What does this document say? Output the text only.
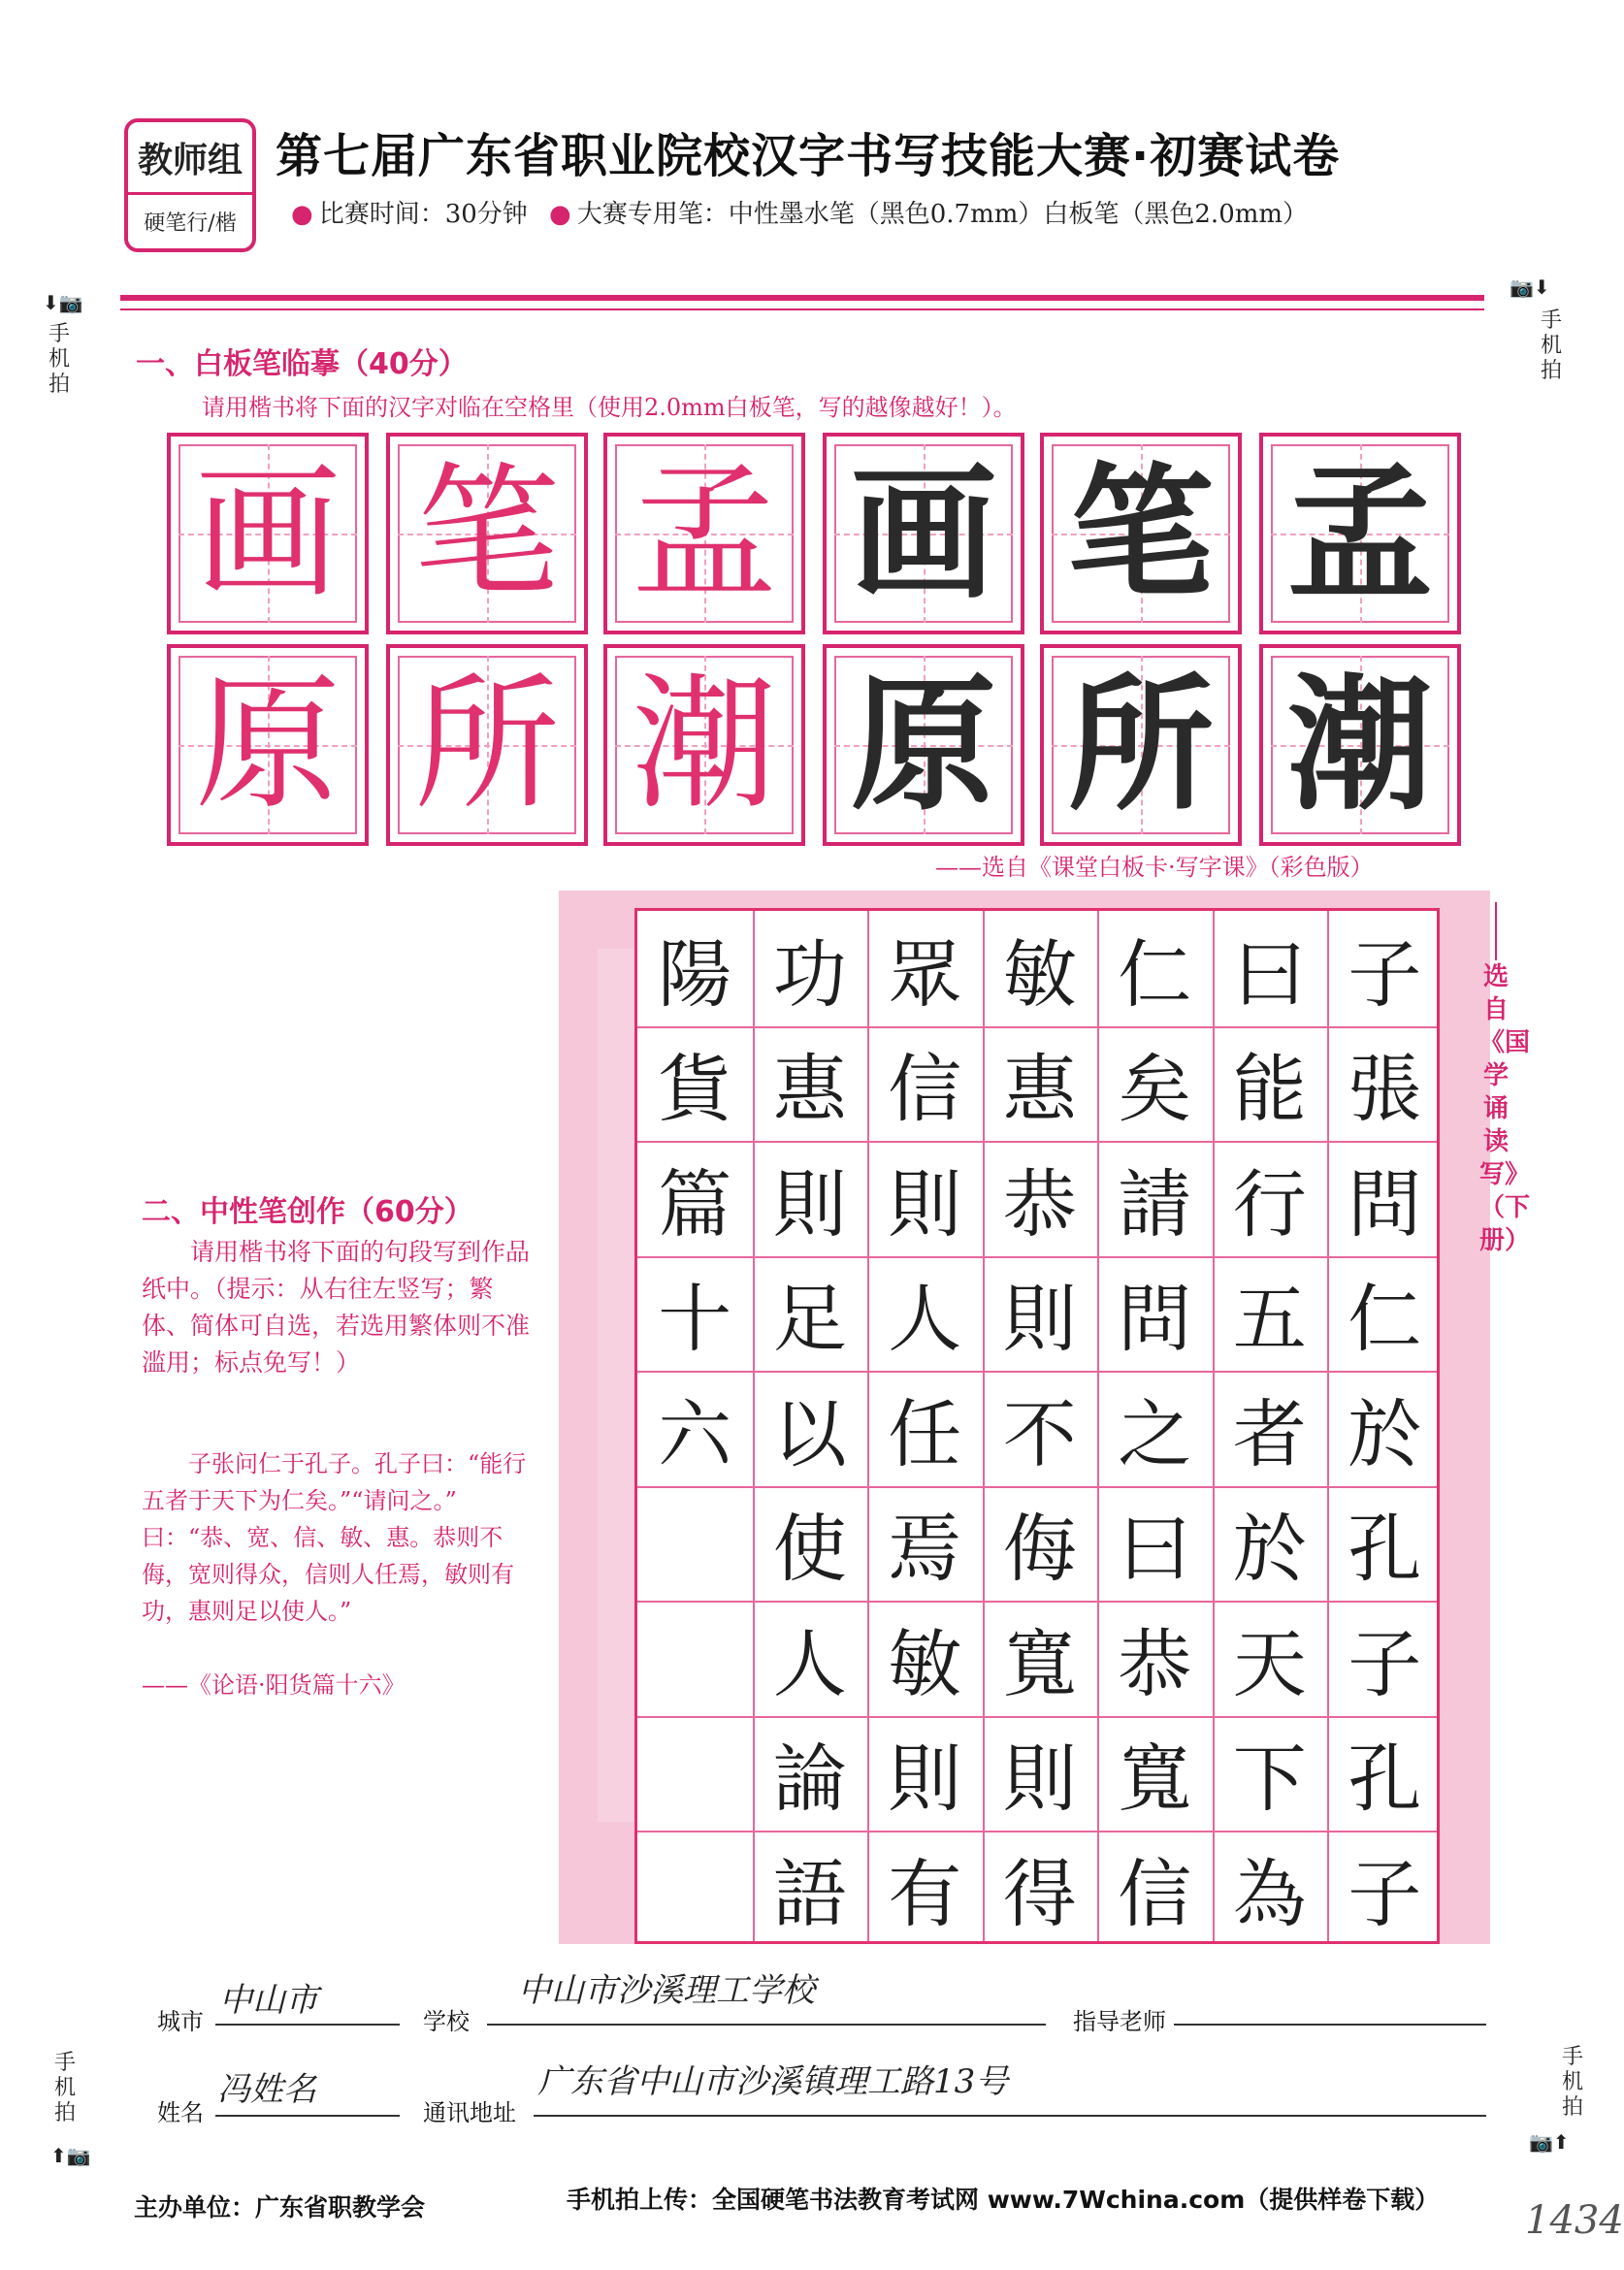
教师组
硬笔行/楷
第七届广东省职业院校汉字书写技能大赛·初赛试卷
● 比赛时间：30分钟 ● 大赛专用笔：中性墨水笔（黑色0.7mm）白板笔（黑色2.0mm）
⬇📷
手机拍
📷⬇
手机拍
手机拍
⬆📷
手机拍
📷⬆
一、白板笔临摹（40分）
请用楷书将下面的汉字对临在空格里（使用2.0mm白板笔，写的越像越好！）。
画 笔 孟 画 笔 孟
原 所 潮 原 所 潮
——选自《课堂白板卡·写字课》（彩色版）
子
張
問
仁
於
孔
子
孔
子
曰
能
行
五
者
於
天
下
為
仁
矣
請
問
之
曰
恭
寬
信
敏
惠
恭
則
不
侮
寬
則
得
眾
信
則
人
任
焉
敏
則
有
功
惠
則
足
以
使
人
論
語
陽
貨
篇
十
六
选自《国学诵读写》（下册）
二、中性笔创作（60分）
请用楷书将下面的句段写到作品纸中。（提示：从右往左竖写；繁体、简体可自选，若选用繁体则不准滥用；标点免写！）
子张问仁于孔子。孔子曰：“能行五者于天下为仁矣。”“请问之。” 曰：“恭、宽、信、敏、惠。恭则不侮，宽则得众，信则人任焉，敏则有功，惠则足以使人。”
——《论语·阳货篇十六》
城市
中山市
学校
中山市沙溪理工学校
指导老师
姓名
冯姓名
通讯地址
广东省中山市沙溪镇理工路13号
主办单位：广东省职教学会	手机拍上传：全国硬笔书法教育考试网 www.7Wchina.com（提供样卷下载） 1434
